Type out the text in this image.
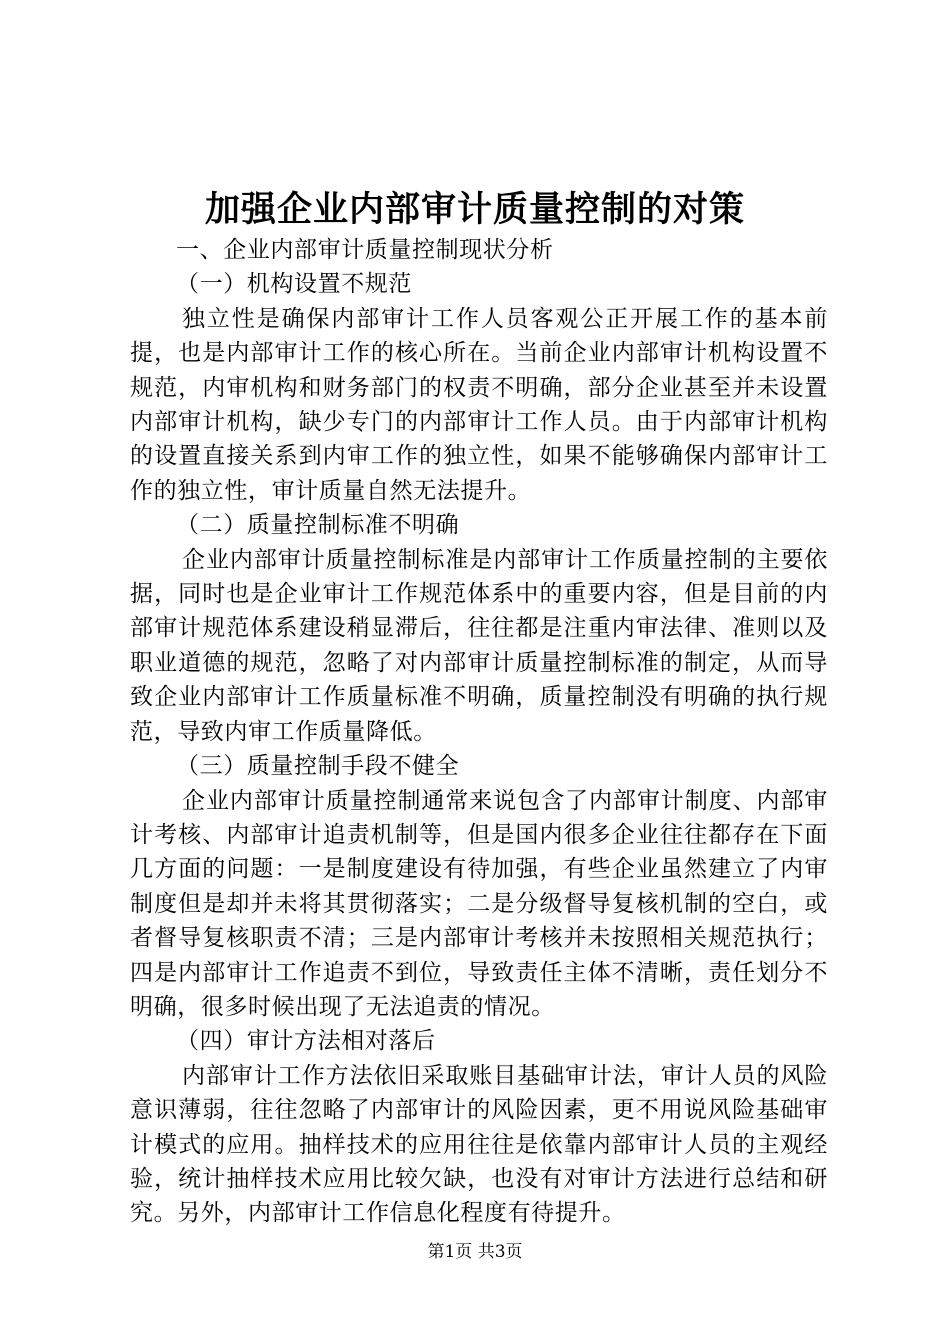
加强企业内部审计质量控制的对策

一、企业内部审计质量控制现状分析

（一）机构设置不规范

独立性是确保内部审计工作人员客观公正开展工作的基本前提，也是内部审计工作的核心所在。当前企业内部审计机构设置不规范，内审机构和财务部门的权责不明确，部分企业甚至并未设置内部审计机构，缺少专门的内部审计工作人员。由于内部审计机构的设置直接关系到内审工作的独立性，如果不能够确保内部审计工作的独立性，审计质量自然无法提升。

（二）质量控制标准不明确

企业内部审计质量控制标准是内部审计工作质量控制的主要依据，同时也是企业审计工作规范体系中的重要内容，但是目前的内部审计规范体系建设稍显滞后，往往都是注重内审法律、准则以及职业道德的规范，忽略了对内部审计质量控制标准的制定，从而导致企业内部审计工作质量标准不明确，质量控制没有明确的执行规范，导致内审工作质量降低。

（三）质量控制手段不健全

企业内部审计质量控制通常来说包含了内部审计制度、内部审计考核、内部审计追责机制等，但是国内很多企业往往都存在下面几方面的问题：一是制度建设有待加强，有些企业虽然建立了内审制度但是却并未将其贯彻落实；二是分级督导复核机制的空白，或者督导复核职责不清；三是内部审计考核并未按照相关规范执行；四是内部审计工作追责不到位，导致责任主体不清晰，责任划分不明确，很多时候出现了无法追责的情况。

（四）审计方法相对落后

内部审计工作方法依旧采取账目基础审计法，审计人员的风险意识薄弱，往往忽略了内部审计的风险因素，更不用说风险基础审计模式的应用。抽样技术的应用往往是依靠内部审计人员的主观经验，统计抽样技术应用比较欠缺，也没有对审计方法进行总结和研究。另外，内部审计工作信息化程度有待提升。

第1页 共3页
